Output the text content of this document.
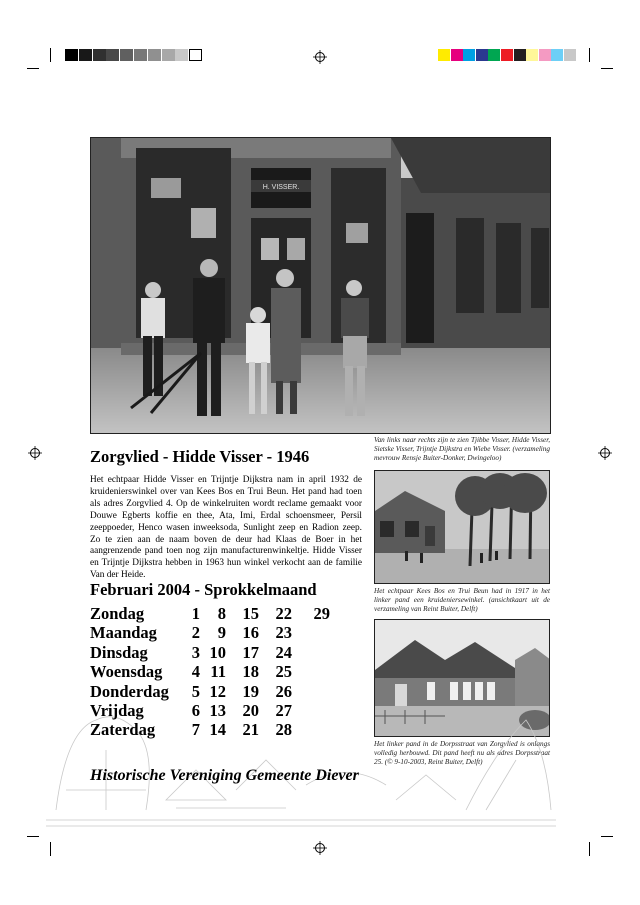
H. VISSER.
Van links naar rechts zijn te zien Tjibbe Visser, Hidde Visser, Sietske Visser, Trijntje Dijkstra en Wiebe Visser. (verzameling mevrouw Rensje Buiter-Donker, Dwingeloo)
Zorgvlied - Hidde Visser - 1946
Het echtpaar Hidde Visser en Trijntje Dijkstra nam in april 1932 de kruidenierswinkel over van Kees Bos en Trui Beun. Het pand had toen als adres Zorgvlied 4. Op de winkelruiten wordt reclame gemaakt voor Douwe Egberts koffie en thee, Ata, Imi, Erdal schoensmeer, Persil zeeppoeder, Henco wasen inweeksoda, Sunlight zeep en Radion zeep. Zo te zien aan de naam boven de deur had Klaas de Boer in het aangrenzende pand toen nog zijn manufacturenwinkeltje. Hidde Visser en Trijntje Dijkstra hebben in 1963 hun winkel verkocht aan de familie Van der Heide.
Het echtpaar Kees Bos en Trui Beun had in 1917 in het linker pand een kruideniersewinkel. (ansichtkaart uit de verzameling van Reint Buiter, Delft)
Het linker pand in de Dorpsstraat van Zorgvlied is onlangs volledig herbouwd. Dit pand heeft nu als adres Dorpsstraat 25. (© 9-10-2003, Reint Buiter, Delft)
Februari 2004 - Sprokkelmaand
Zondag	1	8	15	22	29
Maandag	2	9	16	23
Dinsdag	3 10	17	24
Woensdag	4 11	18	25
Donderdag	5 12	19	26
Vrijdag	6 13	20	27
Zaterdag	7 14	21	28
Historische Vereniging Gemeente Diever
